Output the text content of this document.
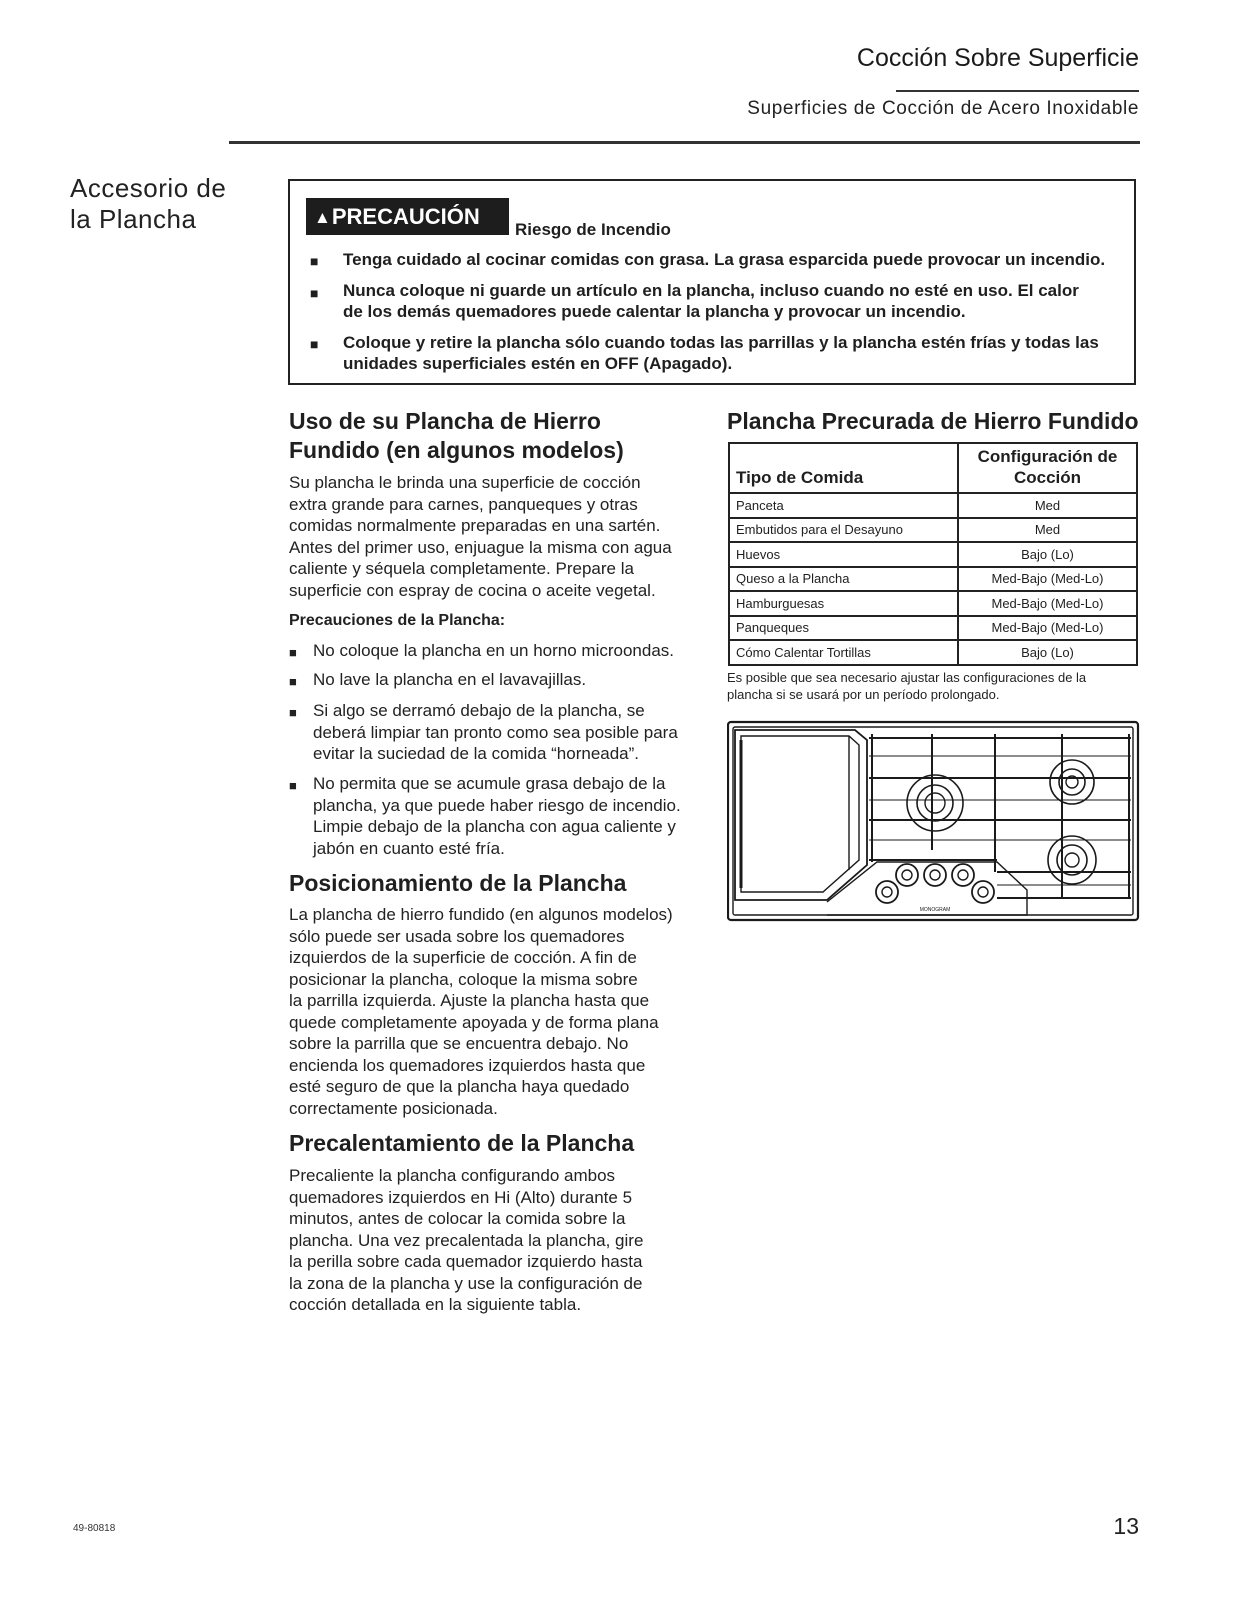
Cocción Sobre Superficie
Superficies de Cocción de Acero Inoxidable
Accesorio de
la Plancha	▲PRECAUCIÓN
Riesgo de Incendio
■ Tenga cuidado al cocinar comidas con grasa. La grasa esparcida puede provocar un incendio.
■ Nunca coloque ni guarde un artículo en la plancha, incluso cuando no esté en uso. El calor de los demás quemadores puede calentar la plancha y provocar un incendio.
■ Coloque y retire la plancha sólo cuando todas las parrillas y la plancha estén frías y todas las unidades superficiales estén en OFF (Apagado).
Uso de su Plancha de Hierro
Fundido (en algunos modelos)
Su plancha le brinda una superficie de cocción
extra grande para carnes, panqueques y otras
comidas normalmente preparadas en una sartén.
Antes del primer uso, enjuague la misma con agua
caliente y séquela completamente. Prepare la
superficie con espray de cocina o aceite vegetal.
Precauciones de la Plancha:
■ No coloque la plancha en un horno microondas.
■ No lave la plancha en el lavavajillas.
■ Si algo se derramó debajo de la plancha, se
deberá limpiar tan pronto como sea posible para
evitar la suciedad de la comida “horneada”.
■ No permita que se acumule grasa debajo de la
plancha, ya que puede haber riesgo de incendio.
Limpie debajo de la plancha con agua caliente y
jabón en cuanto esté fría.
Posicionamiento de la Plancha
La plancha de hierro fundido (en algunos modelos)
sólo puede ser usada sobre los quemadores
izquierdos de la superficie de cocción. A fin de
posicionar la plancha, coloque la misma sobre
la parrilla izquierda. Ajuste la plancha hasta que
quede completamente apoyada y de forma plana
sobre la parrilla que se encuentra debajo. No
encienda los quemadores izquierdos hasta que
esté seguro de que la plancha haya quedado
correctamente posicionada.
Precalentamiento de la Plancha
Precaliente la plancha configurando ambos
quemadores izquierdos en Hi (Alto) durante 5
minutos, antes de colocar la comida sobre la
plancha. Una vez precalentada la plancha, gire
la perilla sobre cada quemador izquierdo hasta
la zona de la plancha y use la configuración de
cocción detallada en la siguiente tabla.
Plancha Precurada de Hierro Fundido
Tipo de Comida	Configuración de
Cocción

Panceta	Med
Embutidos para el Desayuno	Med
Huevos	Bajo (Lo)
Queso a la Plancha	Med-Bajo (Med-Lo)
Hamburguesas	Med-Bajo (Med-Lo)
Panqueques	Med-Bajo (Med-Lo)
Cómo Calentar Tortillas	Bajo (Lo)
Es posible que sea necesario ajustar las configuraciones de la
plancha si se usará por un período prolongado.
MONOGRAM
49-80818	13
